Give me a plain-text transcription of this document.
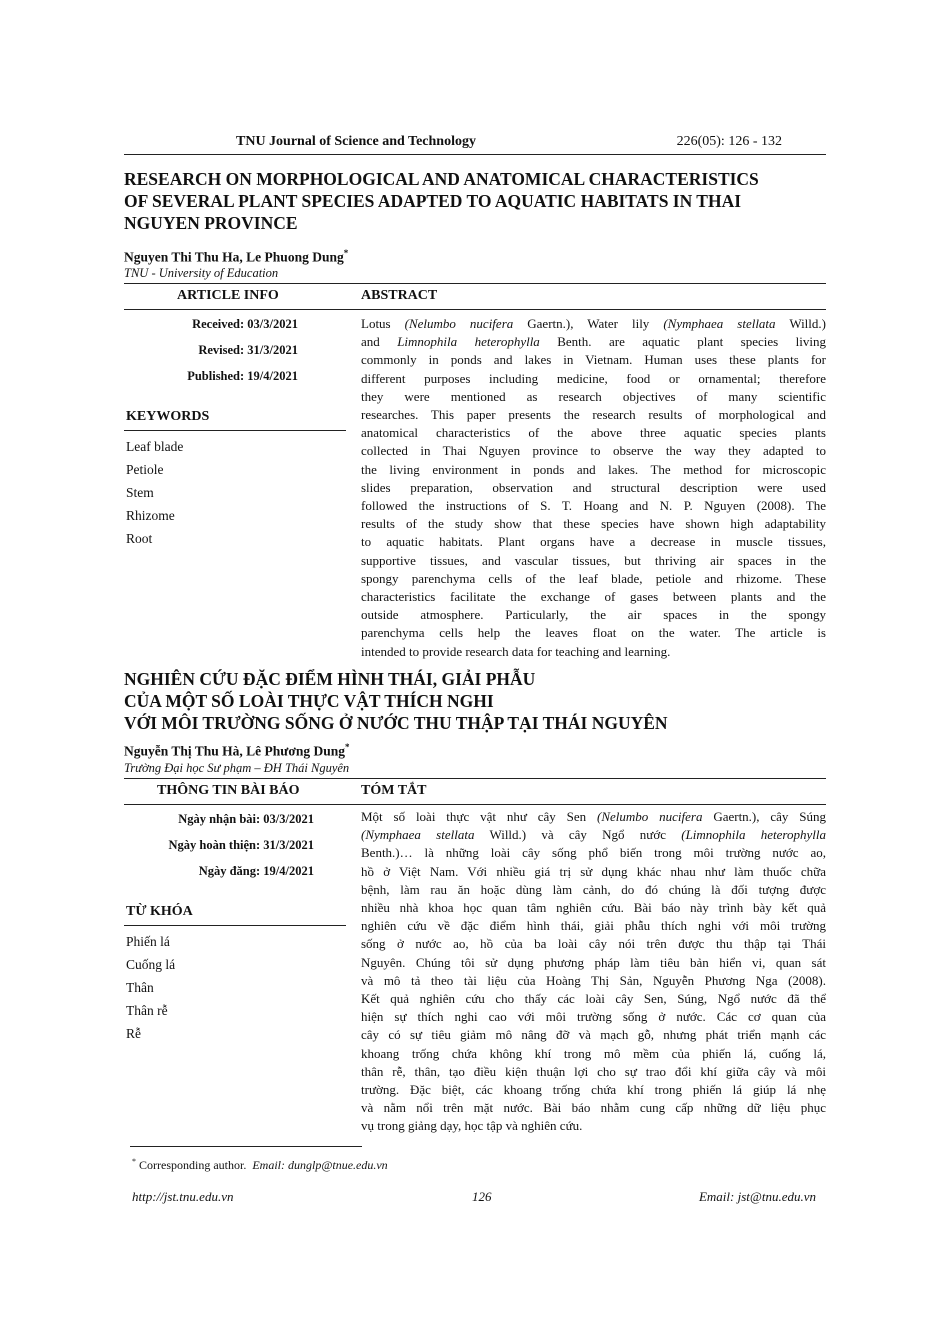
TNU Journal of Science and Technology	226(05): 126 - 132
RESEARCH ON MORPHOLOGICAL AND ANATOMICAL CHARACTERISTICS
OF SEVERAL PLANT SPECIES ADAPTED TO AQUATIC HABITATS IN THAI
NGUYEN PROVINCE
Nguyen Thi Thu Ha, Le Phuong Dung*
TNU - University of Education
ARTICLE INFO	ABSTRACT
Received: 03/3/2021
Revised: 31/3/2021
Published: 19/4/2021
KEYWORDS
Leaf blade
Petiole
Stem
Rhizome
Root
Lotus (Nelumbo nucifera Gaertn.), Water lily (Nymphaea stellata Willd.)
and Limnophila heterophylla Benth. are aquatic plant species living
commonly in ponds and lakes in Vietnam. Human uses these plants for
different purposes including medicine, food or ornamental; therefore
they were mentioned as research objectives of many scientific
researches. This paper presents the research results of morphological and
anatomical characteristics of the above three aquatic species plants
collected in Thai Nguyen province to observe the way they adapted to
the living environment in ponds and lakes. The method for microscopic
slides preparation, observation and structural description were used
followed the instructions of S. T. Hoang and N. P. Nguyen (2008). The
results of the study show that these species have shown high adaptability
to aquatic habitats. Plant organs have a decrease in muscle tissues,
supportive tissues, and vascular tissues, but thriving air spaces in the
spongy parenchyma cells of the leaf blade, petiole and rhizome. These
characteristics facilitate the exchange of gases between plants and the
outside atmosphere. Particularly, the air spaces in the spongy
parenchyma cells help the leaves float on the water. The article is
intended to provide research data for teaching and learning.
NGHIÊN CỨU ĐẶC ĐIỂM HÌNH THÁI, GIẢI PHẪU
CỦA MỘT SỐ LOÀI THỰC VẬT THÍCH NGHI
VỚI MÔI TRƯỜNG SỐNG Ở NƯỚC THU THẬP TẠI THÁI NGUYÊN
Nguyễn Thị Thu Hà, Lê Phương Dung*
Trường Đại học Sư phạm – ĐH Thái Nguyên
THÔNG TIN BÀI BÁO	TÓM TẮT
Ngày nhận bài: 03/3/2021
Ngày hoàn thiện: 31/3/2021
Ngày đăng: 19/4/2021
TỪ KHÓA
Phiến lá
Cuống lá
Thân
Thân rễ
Rễ
Một số loài thực vật như cây Sen (Nelumbo nucifera Gaertn.), cây Súng
(Nymphaea stellata Willd.) và cây Ngổ nước (Limnophila heterophylla
Benth.)… là những loài cây sống phổ biến trong môi trường nước ao,
hồ ở Việt Nam. Với nhiều giá trị sử dụng khác nhau như làm thuốc chữa
bệnh, làm rau ăn hoặc dùng làm cảnh, do đó chúng là đối tượng được
nhiều nhà khoa học quan tâm nghiên cứu. Bài báo này trình bày kết quả
nghiên cứu về đặc điểm hình thái, giải phẫu thích nghi với môi trường
sống ở nước ao, hồ của ba loài cây nói trên được thu thập tại Thái
Nguyên. Chúng tôi sử dụng phương pháp làm tiêu bản hiển vi, quan sát
và mô tả theo tài liệu của Hoàng Thị Sản, Nguyễn Phương Nga (2008).
Kết quả nghiên cứu cho thấy các loài cây Sen, Súng, Ngổ nước đã thể
hiện sự thích nghi cao với môi trường sống ở nước. Các cơ quan của
cây có sự tiêu giảm mô nâng đỡ và mạch gỗ, nhưng phát triển mạnh các
khoang trống chứa không khí trong mô mềm của phiến lá, cuống lá,
thân rễ, thân, tạo điều kiện thuận lợi cho sự trao đổi khí giữa cây và môi
trường. Đặc biệt, các khoang trống chứa khí trong phiến lá giúp lá nhẹ
và nằm nổi trên mặt nước. Bài báo nhằm cung cấp những dữ liệu phục
vụ trong giảng dạy, học tập và nghiên cứu.
* Corresponding author. Email: dunglp@tnue.edu.vn
http://jst.tnu.edu.vn	126	Email: jst@tnu.edu.vn
